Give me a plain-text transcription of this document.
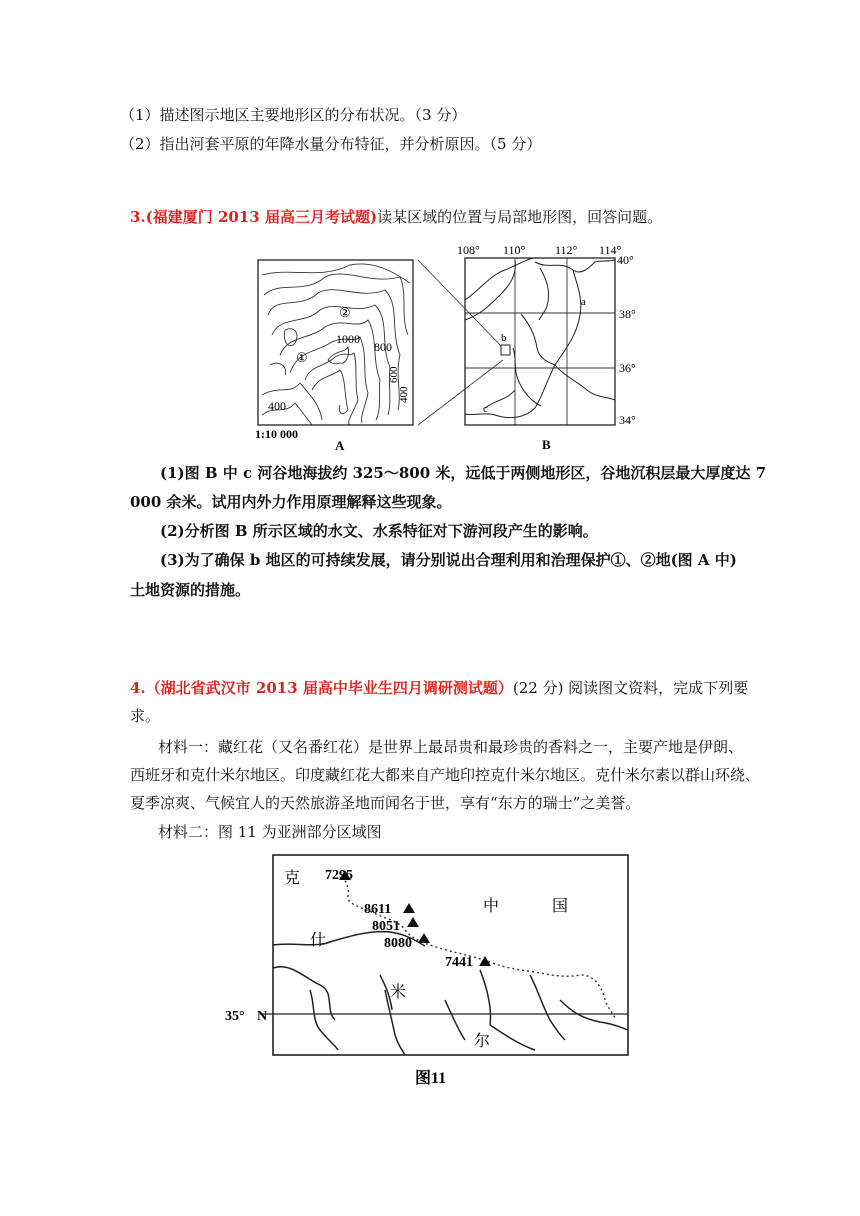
（1）描述图示地区主要地形区的分布状况。（3 分）
（2）指出河套平原的年降水量分布特征，并分析原因。（5 分）
3.(福建厦门 2013 届高三月考试题)读某区域的位置与局部地形图，回答问题。
②
①
1000
800
600
400
400
1:10 000
A
b
a
c
108° 110° 112° 114°
40°
38°
36°
34°
B
(1)图 B 中 c 河谷地海拔约 325～800 米，远低于两侧地形区，谷地沉积层最大厚度达 7
000 余米。试用内外力作用原理解释这些现象。
(2)分析图 B 所示区域的水文、水系特征对下游河段产生的影响。
(3)为了确保 b 地区的可持续发展，请分别说出合理利用和治理保护①、②地(图 A 中)
土地资源的措施。
4.（湖北省武汉市 2013 届高中毕业生四月调研测试题）(22 分) 阅读图文资料，完成下列要
求。
材料一：藏红花（又名番红花）是世界上最昂贵和最珍贵的香料之一，主要产地是伊朗、
西班牙和克什米尔地区。印度藏红花大都来自产地印控克什米尔地区。克什米尔素以群山环绕、
夏季凉爽、气候宜人的天然旅游圣地而闻名于世，享有“东方的瑞士”之美誉。
材料二：图 11 为亚洲部分区域图
7295
8611
8051
8080
7441
克
什
米
尔
中	国
35° N
图11
